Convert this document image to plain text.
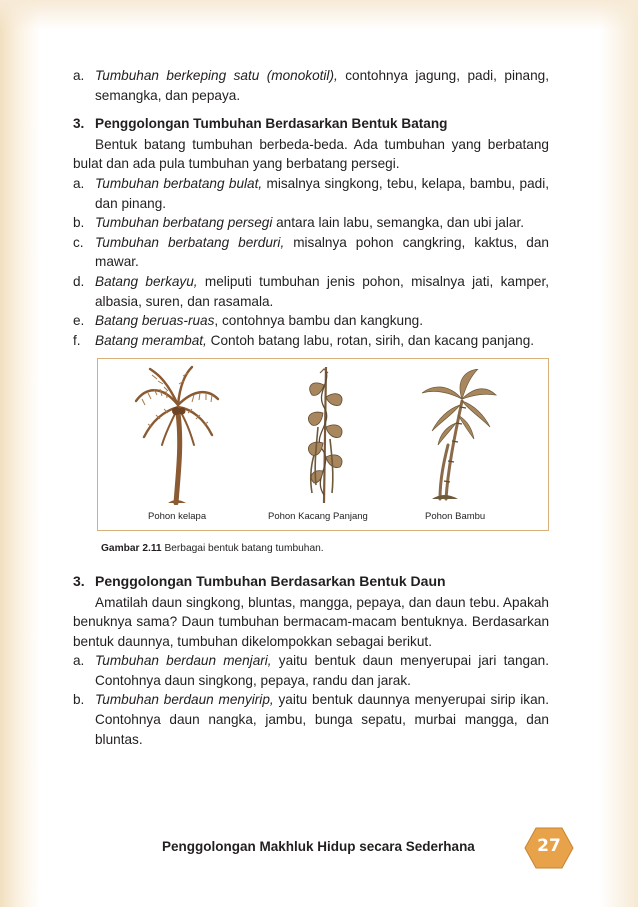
a. Tumbuhan berkeping satu (monokotil), contohnya jagung, padi, pinang, semangka, dan pepaya.
3. Penggolongan Tumbuhan Berdasarkan Bentuk Batang

Bentuk batang tumbuhan berbeda-beda. Ada tumbuhan yang berbatang bulat dan ada pula tumbuhan yang berbatang persegi.

a. Tumbuhan berbatang bulat, misalnya singkong, tebu, kelapa, bambu, padi, dan pinang.
b. Tumbuhan berbatang persegi antara lain labu, semangka, dan ubi jalar.
c. Tumbuhan berbatang berduri, misalnya pohon cangkring, kaktus, dan mawar.
d. Batang berkayu, meliputi tumbuhan jenis pohon, misalnya jati, kamper, albasia, suren, dan rasamala.
e. Batang beruas-ruas, contohnya bambu dan kangkung.
f.	Batang merambat, Contoh batang labu, rotan, sirih, dan kacang panjang.
Pohon kelapa	Pohon Kacang Panjang	Pohon Bambu
Gambar 2.11 Berbagai bentuk batang tumbuhan.
3. Penggolongan Tumbuhan Berdasarkan Bentuk Daun

Amatilah daun singkong, bluntas, mangga, pepaya, dan daun tebu. Apakah benuknya sama? Daun tumbuhan bermacam-macam bentuknya. Berdasarkan bentuk daunnya, tumbuhan dikelompokkan sebagai berikut.

a. Tumbuhan berdaun menjari, yaitu bentuk daun menyerupai jari tangan. Contohnya daun singkong, pepaya, randu dan jarak.
b. Tumbuhan berdaun menyirip, yaitu bentuk daunnya menyerupai sirip ikan. Contohnya daun nangka, jambu, bunga sepatu, murbai mangga, dan bluntas.
Penggolongan Makhluk Hidup secara Sederhana	27
